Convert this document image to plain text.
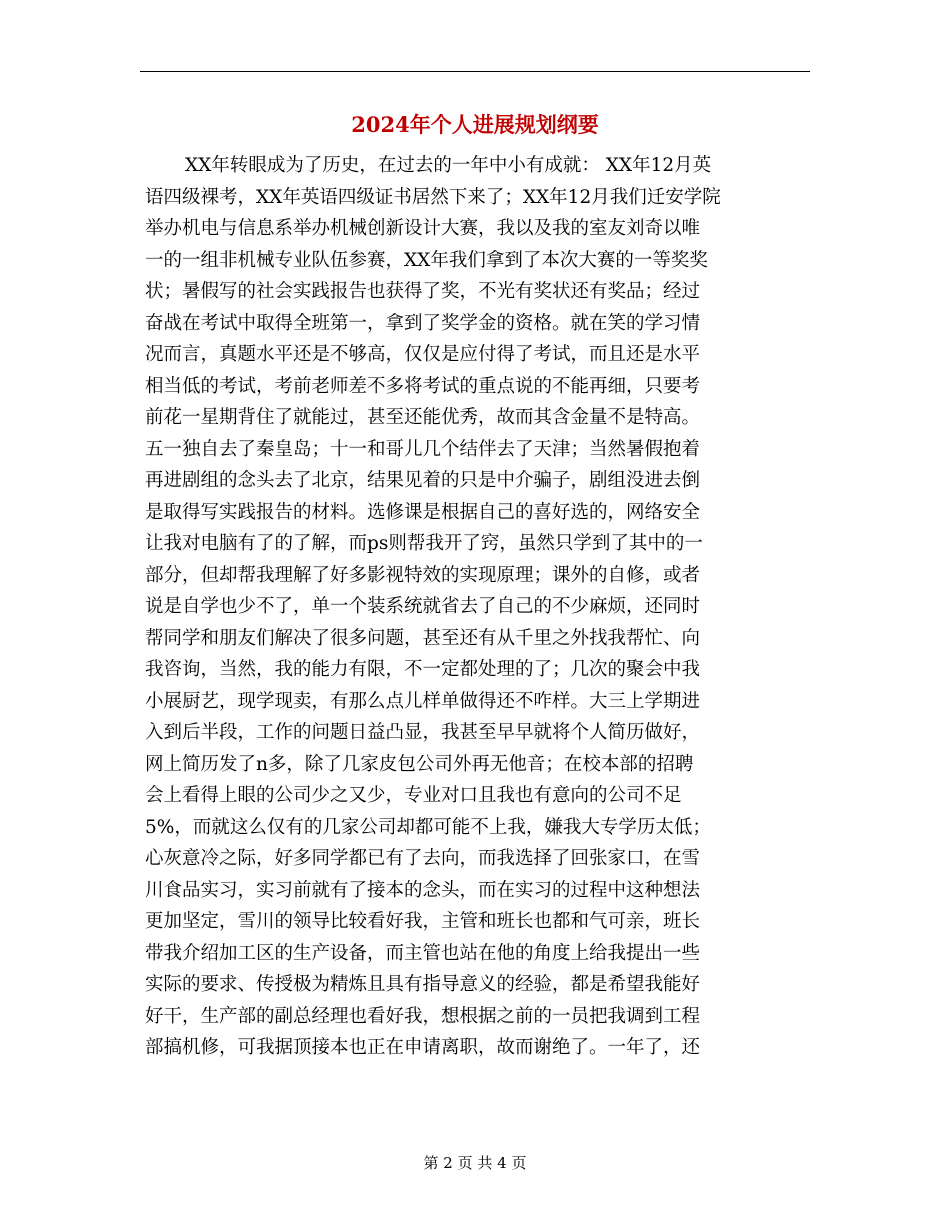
2024年个人进展规划纲要
XX年转眼成为了历史，在过去的一年中小有成就： XX年12月英
语四级裸考，XX年英语四级证书居然下来了；XX年12月我们迁安学院
举办机电与信息系举办机械创新设计大赛，我以及我的室友刘奇以唯
一的一组非机械专业队伍参赛，XX年我们拿到了本次大赛的一等奖奖
状；暑假写的社会实践报告也获得了奖，不光有奖状还有奖品；经过
奋战在考试中取得全班第一，拿到了奖学金的资格。就在笑的学习情
况而言，真题水平还是不够高，仅仅是应付得了考试，而且还是水平
相当低的考试，考前老师差不多将考试的重点说的不能再细，只要考
前花一星期背住了就能过，甚至还能优秀，故而其含金量不是特高。
五一独自去了秦皇岛；十一和哥儿几个结伴去了天津；当然暑假抱着
再进剧组的念头去了北京，结果见着的只是中介骗子，剧组没进去倒
是取得写实践报告的材料。选修课是根据自己的喜好选的，网络安全
让我对电脑有了的了解，而ps则帮我开了窍，虽然只学到了其中的一
部分，但却帮我理解了好多影视特效的实现原理；课外的自修，或者
说是自学也少不了，单一个装系统就省去了自己的不少麻烦，还同时
帮同学和朋友们解决了很多问题，甚至还有从千里之外找我帮忙、向
我咨询，当然，我的能力有限，不一定都处理的了；几次的聚会中我
小展厨艺，现学现卖，有那么点儿样单做得还不咋样。大三上学期进
入到后半段，工作的问题日益凸显，我甚至早早就将个人简历做好，
网上简历发了n多，除了几家皮包公司外再无他音；在校本部的招聘
会上看得上眼的公司少之又少，专业对口且我也有意向的公司不足
5%，而就这么仅有的几家公司却都可能不上我，嫌我大专学历太低；
心灰意冷之际，好多同学都已有了去向，而我选择了回张家口，在雪
川食品实习，实习前就有了接本的念头，而在实习的过程中这种想法
更加坚定，雪川的领导比较看好我，主管和班长也都和气可亲，班长
带我介绍加工区的生产设备，而主管也站在他的角度上给我提出一些
实际的要求、传授极为精炼且具有指导意义的经验，都是希望我能好
好干，生产部的副总经理也看好我，想根据之前的一员把我调到工程
部搞机修，可我据顶接本也正在申请离职，故而谢绝了。一年了，还
第 2 页 共 4 页
